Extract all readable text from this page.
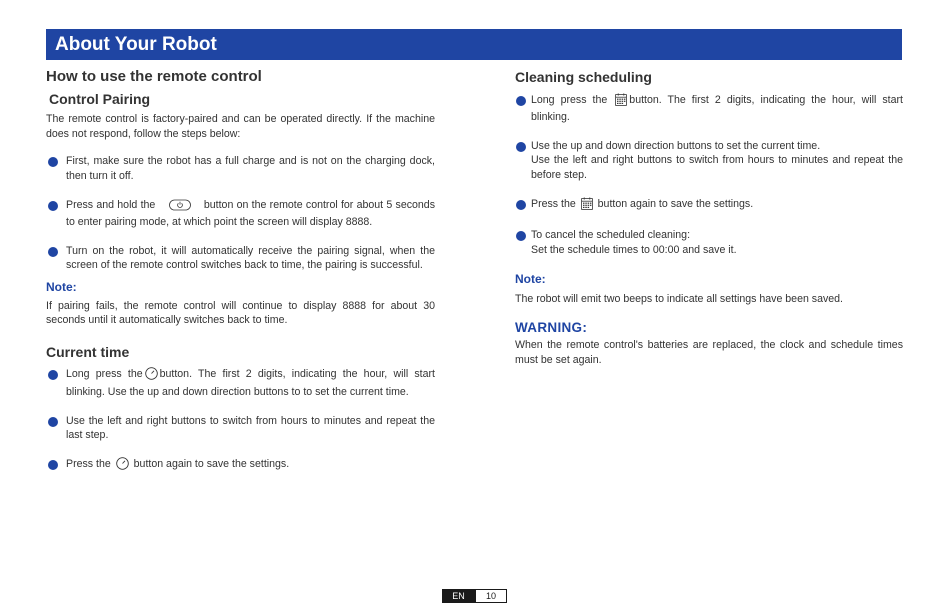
About Your Robot
How to use the remote control
Control Pairing

The remote control is factory-paired and can be operated directly. If the machine does not respond, follow the steps below:

First, make sure the robot has a full charge and is not on the charging dock, then turn it off.
Press and hold the	button on the remote control for about 5 seconds to enter pairing mode, at which point the screen will display 8888.
Turn on the robot, it will automatically receive the pairing signal, when the screen of the remote control switches back to time, the pairing is successful.
Note:

If pairing fails, the remote control will continue to display 8888 for about 30 seconds until it automatically switches back to time.

Current time
Long press the button. The first 2 digits, indicating the hour, will start blinking. Use the up and down direction buttons to to set the current time.
Use the left and right buttons to switch from hours to minutes and repeat the last step.
Press the button again to save the settings.
Cleaning scheduling
Long press the button. The first 2 digits, indicating the hour, will start blinking.
Use the up and down direction buttons to set the current time.
Use the left and right buttons to switch from hours to minutes and repeat the before step.
Press the button again to save the settings.
To cancel the scheduled cleaning:
Set the schedule times to 00:00 and save it.
Note:

The robot will emit two beeps to indicate all settings have been saved.

WARNING:

When the remote control's batteries are replaced, the clock and schedule times must be set again.

EN	10
